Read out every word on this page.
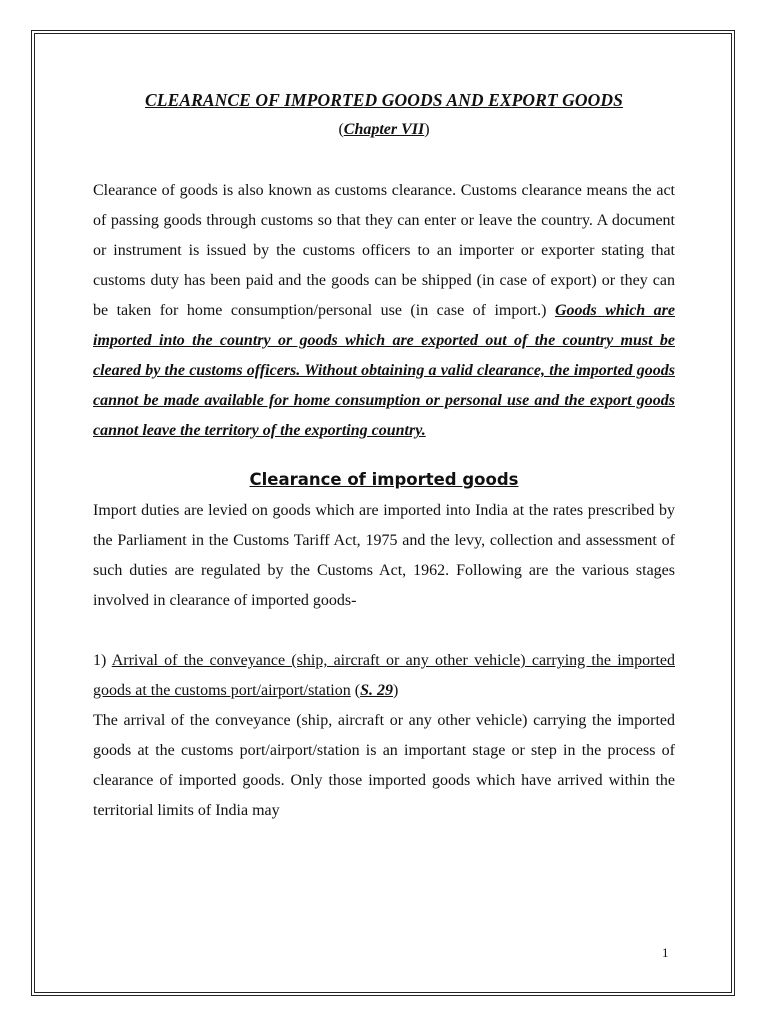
CLEARANCE OF IMPORTED GOODS AND EXPORT GOODS
(Chapter VII)

Clearance of goods is also known as customs clearance. Customs clearance means the act of passing goods through customs so that they can enter or leave the country. A document or instrument is issued by the customs officers to an importer or exporter stating that customs duty has been paid and the goods can be shipped (in case of export) or they can be taken for home consumption/personal use (in case of import.) Goods which are imported into the country or goods which are exported out of the country must be cleared by the customs officers. Without obtaining a valid clearance, the imported goods cannot be made available for home consumption or personal use and the export goods cannot leave the territory of the exporting country.

Clearance of imported goods

Import duties are levied on goods which are imported into India at the rates prescribed by the Parliament in the Customs Tariff Act, 1975 and the levy, collection and assessment of such duties are regulated by the Customs Act, 1962. Following are the various stages involved in clearance of imported goods-

1) Arrival of the conveyance (ship, aircraft or any other vehicle) carrying the imported goods at the customs port/airport/station (S. 29)

The arrival of the conveyance (ship, aircraft or any other vehicle) carrying the imported goods at the customs port/airport/station is an important stage or step in the process of clearance of imported goods. Only those imported goods which have arrived within the territorial limits of India may

1
